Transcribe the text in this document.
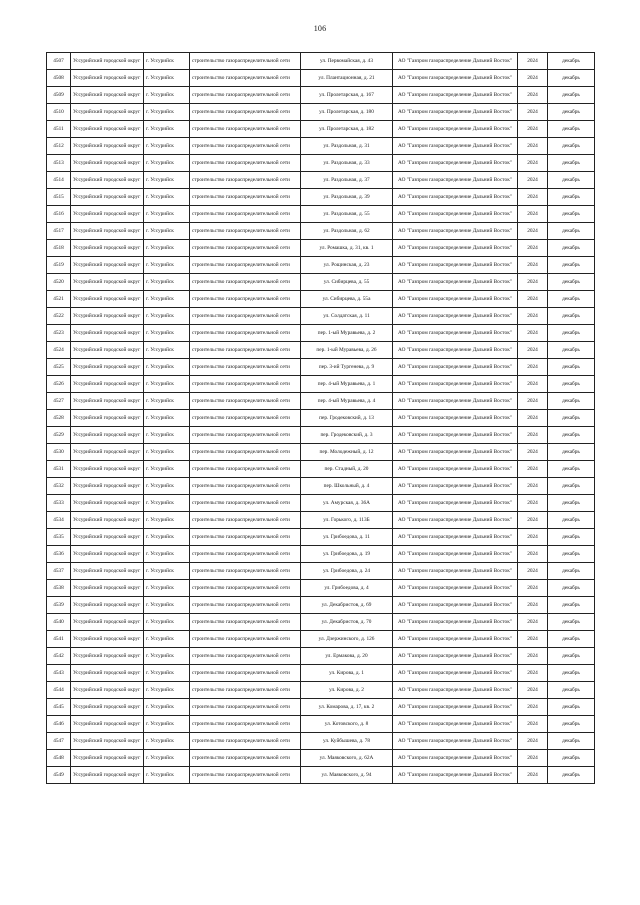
106
4507	Уссурийский городской округ	г. Уссурийск	строительство газораспределительной сети	ул. Первомайская, д. 43	АО "Газпром газораспределение Дальний Восток"	2024	декабрь
4508	Уссурийский городской округ	г. Уссурийск	строительство газораспределительной сети	ул. Плантационная, д. 21	АО "Газпром газораспределение Дальний Восток"	2024	декабрь
4509	Уссурийский городской округ	г. Уссурийск	строительство газораспределительной сети	ул. Пролетарская, д. 167	АО "Газпром газораспределение Дальний Восток"	2024	декабрь
4510	Уссурийский городской округ	г. Уссурийск	строительство газораспределительной сети	ул. Пролетарская, д. 180	АО "Газпром газораспределение Дальний Восток"	2024	декабрь
4511	Уссурийский городской округ	г. Уссурийск	строительство газораспределительной сети	ул. Пролетарская, д. 182	АО "Газпром газораспределение Дальний Восток"	2024	декабрь
4512	Уссурийский городской округ	г. Уссурийск	строительство газораспределительной сети	ул. Раздольная, д. 31	АО "Газпром газораспределение Дальний Восток"	2024	декабрь
4513	Уссурийский городской округ	г. Уссурийск	строительство газораспределительной сети	ул. Раздольная, д. 33	АО "Газпром газораспределение Дальний Восток"	2024	декабрь
4514	Уссурийский городской округ	г. Уссурийск	строительство газораспределительной сети	ул. Раздольная, д. 37	АО "Газпром газораспределение Дальний Восток"	2024	декабрь
4515	Уссурийский городской округ	г. Уссурийск	строительство газораспределительной сети	ул. Раздольная, д. 39	АО "Газпром газораспределение Дальний Восток"	2024	декабрь
4516	Уссурийский городской округ	г. Уссурийск	строительство газораспределительной сети	ул. Раздольная, д. 55	АО "Газпром газораспределение Дальний Восток"	2024	декабрь
4517	Уссурийский городской округ	г. Уссурийск	строительство газораспределительной сети	ул. Раздольная, д. 62	АО "Газпром газораспределение Дальний Восток"	2024	декабрь
4518	Уссурийский городской округ	г. Уссурийск	строительство газораспределительной сети	ул. Ромашка, д. 31, кв. 1	АО "Газпром газораспределение Дальний Восток"	2024	декабрь
4519	Уссурийский городской округ	г. Уссурийск	строительство газораспределительной сети	ул. Рощинская, д. 23	АО "Газпром газораспределение Дальний Восток"	2024	декабрь
4520	Уссурийский городской округ	г. Уссурийск	строительство газораспределительной сети	ул. Сибирцева, д. 55	АО "Газпром газораспределение Дальний Восток"	2024	декабрь
4521	Уссурийский городской округ	г. Уссурийск	строительство газораспределительной сети	ул. Сибирцева, д. 55а	АО "Газпром газораспределение Дальний Восток"	2024	декабрь
4522	Уссурийский городской округ	г. Уссурийск	строительство газораспределительной сети	ул. Солдатская, д. 11	АО "Газпром газораспределение Дальний Восток"	2024	декабрь
4523	Уссурийский городской округ	г. Уссурийск	строительство газораспределительной сети	пер. 1-ый Муравьева, д. 2	АО "Газпром газораспределение Дальний Восток"	2024	декабрь
4524	Уссурийский городской округ	г. Уссурийск	строительство газораспределительной сети	пер. 1-ый Муравьева, д. 26	АО "Газпром газораспределение Дальний Восток"	2024	декабрь
4525	Уссурийский городской округ	г. Уссурийск	строительство газораспределительной сети	пер. 3-ий Тургенева, д. 9	АО "Газпром газораспределение Дальний Восток"	2024	декабрь
4526	Уссурийский городской округ	г. Уссурийск	строительство газораспределительной сети	пер. 4-ый Муравьева, д. 1	АО "Газпром газораспределение Дальний Восток"	2024	декабрь
4527	Уссурийский городской округ	г. Уссурийск	строительство газораспределительной сети	пер. 4-ый Муравьева, д. 4	АО "Газпром газораспределение Дальний Восток"	2024	декабрь
4528	Уссурийский городской округ	г. Уссурийск	строительство газораспределительной сети	пер. Гродековский, д. 13	АО "Газпром газораспределение Дальний Восток"	2024	декабрь
4529	Уссурийский городской округ	г. Уссурийск	строительство газораспределительной сети	пер. Гродековский, д. 3	АО "Газпром газораспределение Дальний Восток"	2024	декабрь
4530	Уссурийский городской округ	г. Уссурийск	строительство газораспределительной сети	пер. Молодежный, д. 12	АО "Газпром газораспределение Дальний Восток"	2024	декабрь
4531	Уссурийский городской округ	г. Уссурийск	строительство газораспределительной сети	пер. Стадный, д. 20	АО "Газпром газораспределение Дальний Восток"	2024	декабрь
4532	Уссурийский городской округ	г. Уссурийск	строительство газораспределительной сети	пер. Школьный, д. 4	АО "Газпром газораспределение Дальний Восток"	2024	декабрь
4533	Уссурийский городской округ	г. Уссурийск	строительство газораспределительной сети	ул. Амурская, д. 36А	АО "Газпром газораспределение Дальний Восток"	2024	декабрь
4534	Уссурийский городской округ	г. Уссурийск	строительство газораспределительной сети	ул. Горького, д. 113Б	АО "Газпром газораспределение Дальний Восток"	2024	декабрь
4535	Уссурийский городской округ	г. Уссурийск	строительство газораспределительной сети	ул. Грибоедова, д. 11	АО "Газпром газораспределение Дальний Восток"	2024	декабрь
4536	Уссурийский городской округ	г. Уссурийск	строительство газораспределительной сети	ул. Грибоедова, д. 19	АО "Газпром газораспределение Дальний Восток"	2024	декабрь
4537	Уссурийский городской округ	г. Уссурийск	строительство газораспределительной сети	ул. Грибоедова, д. 24	АО "Газпром газораспределение Дальний Восток"	2024	декабрь
4538	Уссурийский городской округ	г. Уссурийск	строительство газораспределительной сети	ул. Грибоедова, д. 4	АО "Газпром газораспределение Дальний Восток"	2024	декабрь
4539	Уссурийский городской округ	г. Уссурийск	строительство газораспределительной сети	ул. Декабристов, д. 69	АО "Газпром газораспределение Дальний Восток"	2024	декабрь
4540	Уссурийский городской округ	г. Уссурийск	строительство газораспределительной сети	ул. Декабристов, д. 70	АО "Газпром газораспределение Дальний Восток"	2024	декабрь
4541	Уссурийский городской округ	г. Уссурийск	строительство газораспределительной сети	ул. Дзержинского, д. 126	АО "Газпром газораспределение Дальний Восток"	2024	декабрь
4542	Уссурийский городской округ	г. Уссурийск	строительство газораспределительной сети	ул. Ермакова, д. 20	АО "Газпром газораспределение Дальний Восток"	2024	декабрь
4543	Уссурийский городской округ	г. Уссурийск	строительство газораспределительной сети	ул. Кирова, д. 1	АО "Газпром газораспределение Дальний Восток"	2024	декабрь
4544	Уссурийский городской округ	г. Уссурийск	строительство газораспределительной сети	ул. Кирова, д. 2	АО "Газпром газораспределение Дальний Восток"	2024	декабрь
4545	Уссурийский городской округ	г. Уссурийск	строительство газораспределительной сети	ул. Комарова, д. 17, кв. 2	АО "Газпром газораспределение Дальний Восток"	2024	декабрь
4546	Уссурийский городской округ	г. Уссурийск	строительство газораспределительной сети	ул. Котовского, д. 8	АО "Газпром газораспределение Дальний Восток"	2024	декабрь
4547	Уссурийский городской округ	г. Уссурийск	строительство газораспределительной сети	ул. Куйбышева, д. 78	АО "Газпром газораспределение Дальний Восток"	2024	декабрь
4548	Уссурийский городской округ	г. Уссурийск	строительство газораспределительной сети	ул. Маяковского, д. 62А	АО "Газпром газораспределение Дальний Восток"	2024	декабрь
4549	Уссурийский городской округ	г. Уссурийск	строительство газораспределительной сети	ул. Маяковского, д. 94	АО "Газпром газораспределение Дальний Восток"	2024	декабрь
